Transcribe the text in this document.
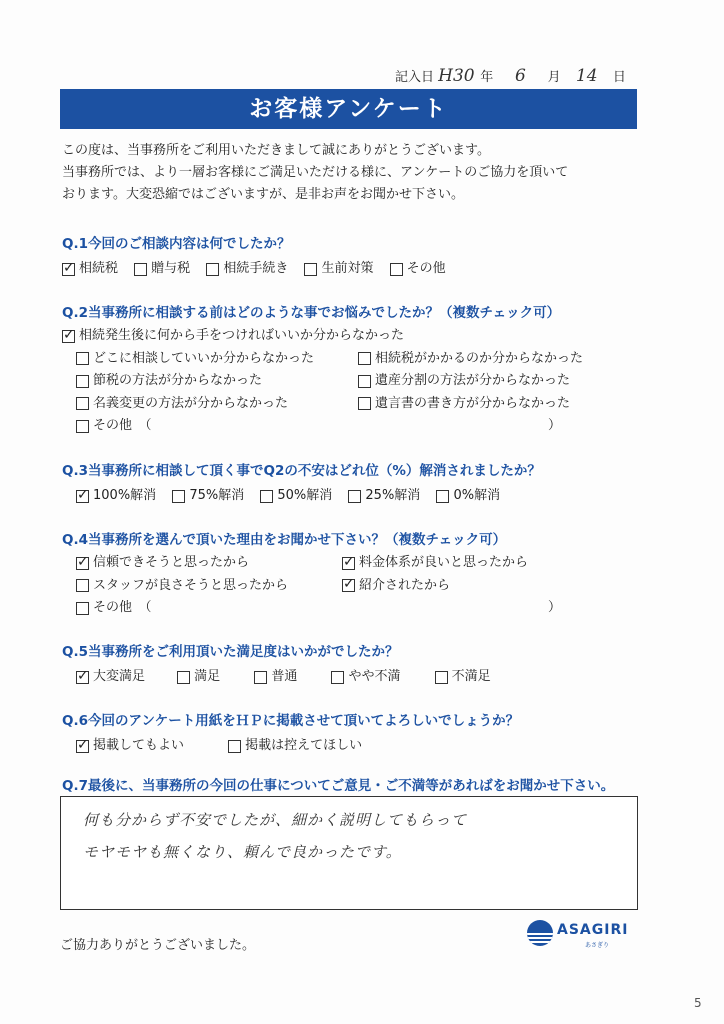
記入日 H30 年 6 月 14 日
お客様アンケート

この度は、当事務所をご利用いただきまして誠にありがとうございます。

当事務所では、より一層お客様にご満足いただける様に、アンケートのご協力を頂いて

おります。大変恐縮ではございますが、是非お声をお聞かせ下さい。

Q.1今回のご相談内容は何でしたか？
✓
相続税
	贈与税
	相続手続き
	生前対策
	その他
Q.2当事務所に相談する前はどのような事でお悩みでしたか？（複数チェック可）
✓
相続発生後に何から手をつければいいか分からなかった
どこに相談していいか分からなかった	相続税がかかるのか分からなかった
節税の方法が分からなかった	遺産分割の方法が分からなかった
名義変更の方法が分からなかった	遺言書の書き方が分からなかった
その他　（	）
Q.3当事務所に相談して頂く事でQ2の不安はどれ位（%）解消されましたか？
✓
100%解消
	75%解消
	50%解消
	25%解消
	0%解消
Q.4当事務所を選んで頂いた理由をお聞かせ下さい？（複数チェック可）
✓
信頼できそうと思ったから ✓	料金体系が良いと思ったから
スタッフが良さそうと思ったから ✓	紹介されたから
その他　（	）
Q.5当事務所をご利用頂いた満足度はいかがでしたか？
✓
大変満足
	満足
	普通
	やや不満
	不満足
Q.6今回のアンケート用紙をＨＰに掲載させて頂いてよろしいでしょうか？
✓
掲載してもよい
	掲載は控えてほしい
Q.7最後に、当事務所の今回の仕事についてご意見・ご不満等があればをお聞かせ下さい。
何も分からず不安でしたが、細かく説明してもらって
モヤモヤも無くなり、頼んで良かったです。
ご協力ありがとうございました。
ASAGIRI
あさぎり
5
